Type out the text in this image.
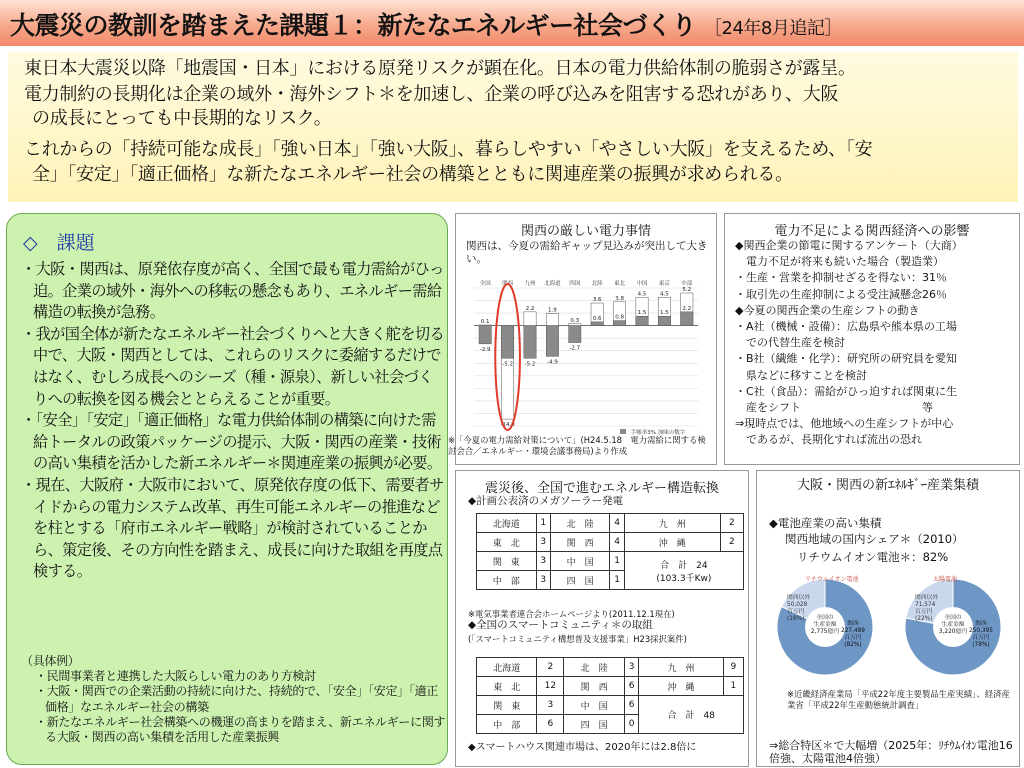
大震災の教訓を踏まえた課題１：新たなエネルギー社会づくり ［24年8月追記］

東日本大震災以降「地震国・日本」における原発リスクが顕在化。日本の電力供給体制の脆弱さが露呈。

電力制約の長期化は企業の域外・海外シフト＊を加速し、企業の呼び込みを阻害する恐れがあり、大阪

の成長にとっても中長期的なリスク。

これからの「持続可能な成長」「強い日本」「強い大阪」、暮らしやすい「やさしい大阪」を支えるため、「安

全」「安定」「適正価格」な新たなエネルギー社会の構築とともに関連産業の振興が求められる。

◇　課題
・大阪・関西は、原発依存度が高く、全国で最も電力需給がひっ迫。企業の域外・海外への移転の懸念もあり、エネルギー需給構造の転換が急務。
・我が国全体が新たなエネルギー社会づくりへと大きく舵を切る中で、大阪・関西としては、これらのリスクに委縮するだけではなく、むしろ成長へのシーズ（種・源泉）、新しい社会づくりへの転換を図る機会ととらえることが重要。
・「安全」「安定」「適正価格」な電力供給体制の構築に向けた需給トータルの政策パッケージの提示、大阪・関西の産業・技術の高い集積を活かした新エネルギー＊関連産業の振興が必要。
・現在、大阪府・大阪市において、原発依存度の低下、需要者サイドからの電力システム改革、再生可能エネルギーの推進などを柱とする「府市エネルギー戦略」が検討されていることから、策定後、その方向性を踏まえ、成長に向けた取組を再度点検する。
（具体例）
・民間事業者と連携した大阪らしい電力のあり方検討
・大阪・関西での企業活動の持続に向けた、持続的で、「安全」「安定」「適正価格」なエネルギー社会の構築
・新たなエネルギー社会構築への機運の高まりを踏まえ、新エネルギーに関する大阪・関西の高い集積を活用した産業振興
関西の厳しい電力事情
関西は、今夏の需給ギャップ見込みが突出して大きい。
全国
0.1
-2.9
関西
-14.9
-5.2
九州
2.2
-5.2
北海道
1.9
-4.9
四国
0.3
-2.7
北陸
3.6
0.6
東北
3.8
0.8
中国
4.5
1.5
東京
4.5
1.5
中部
5.2
2.2
手帳率3% 加味の数字
※「今夏の電力需給対策について」(H24.5.18　電力需給に関する検討会合／エネルギー・環境会議事務局)より作成
電力不足による関西経済への影響
◆関西企業の節電に関するアンケート（大商）
　電力不足が将来も続いた場合（製造業）
・生産・営業を抑制せざるを得ない：31％
・取引先の生産抑制による受注減懸念26％
◆今夏の関西企業の生産シフトの動き
・A社（機械・設備）：広島県や熊本県の工場
　での代替生産を検討
・B社（繊維・化学）：研究所の研究員を愛知
　県などに移すことを検討
・C社（食品）：需給がひっ迫すれば関東に生
　産をシフト　　　　　　　　　　　等
⇒現時点では、他地域への生産シフトが中心
　であるが、長期化すれば流出の恐れ
震災後、全国で進むエネルギー構造転換
◆計画公表済のメガソーラー発電
北海道	1	北　陸	4	九　州	2
東　北	3	関　西	4	沖　縄	2
関　東	3	中　国	1	合　計　24
(103.3千Kw)	

中　部	3	四　国	1		
※電気事業者連合会ホームページより(2011.12.1現在)
◆全国のスマートコミュニティ＊の取組
(「スマートコミュニティ構想普及支援事業」H23採択案件)
北海道	2	北　陸	3	九　州	9
東　北	12	関　西	6	沖　縄	1
関　東	3	中　国	6	合　計　48	
中　部	6	四　国	0		
◆スマートハウス関連市場は、2020年には2.8倍に
大阪・関西の新ｴﾈﾙｷﾞｰ産業集積
◆電池産業の高い集積
関西地域の国内シェア＊（2010）
リチウムイオン電池＊：82%
リチウムイオン電池
関西以外
50,028
百万円
(18%) 全国の
生産金額
2,775億円
関西
227,489
百万円
(82%)
太陽電池
関西以外
71,574
百万円
(22%) 全国の
生産金額
3,220億円
関西
250,395
百万円
(78%)
※近畿経済産業局「平成22年度主要製品生産実績」、経済産業省「平成22年生産動態統計調査」
⇒総合特区＊で大幅増（2025年：ﾘﾁｳﾑｲｵﾝ電池16倍強、太陽電池4倍強）
